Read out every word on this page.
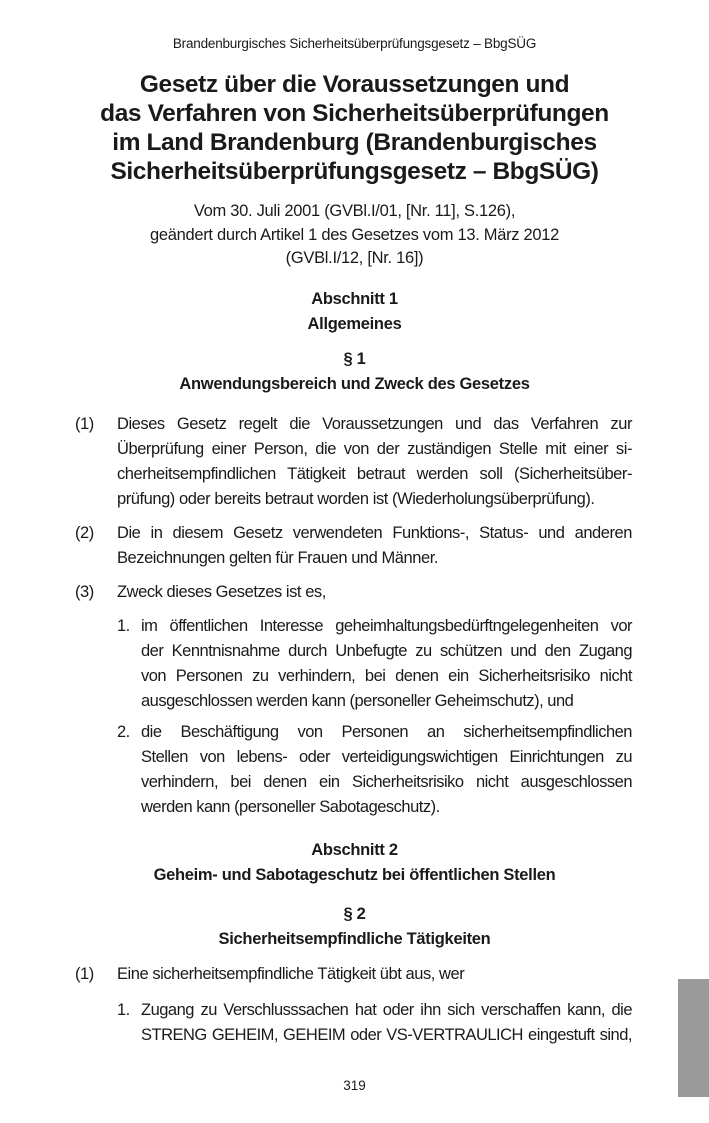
Brandenburgisches Sicherheitsüberprüfungsgesetz – BbgSÜG
Gesetz über die Voraussetzungen und
das Verfahren von Sicherheitsüberprüfungen
im Land Brandenburg (Brandenburgisches
Sicherheitsüberprüfungsgesetz – BbgSÜG)
Vom 30. Juli 2001 (GVBl.I/01, [Nr. 11], S.126),
geändert durch Artikel 1 des Gesetzes vom 13. März 2012
(GVBl.I/12, [Nr. 16])
Abschnitt 1
Allgemeines
§ 1
Anwendungsbereich und Zweck des Gesetzes
(1) Dieses Gesetz regelt die Voraussetzungen und das Verfahren zur
Überprüfung einer Person, die von der zuständigen Stelle mit einer si-
cherheitsempfindlichen Tätigkeit betraut werden soll (Sicherheitsüber-
prüfung) oder bereits betraut worden ist (Wiederholungsüberprüfung).
(2) Die in diesem Gesetz verwendeten Funktions-, Status- und anderen
Bezeichnungen gelten für Frauen und Männer.
(3) Zweck dieses Gesetzes ist es,
1. im öffentlichen Interesse geheimhaltungsbedürftngelegenheiten vor
der Kenntnisnahme durch Unbefugte zu schützen und den Zugang
von Personen zu verhindern, bei denen ein Sicherheitsrisiko nicht
ausgeschlossen werden kann (personeller Geheimschutz), und
2. die Beschäftigung von Personen an sicherheitsempfindlichen
Stellen von lebens- oder verteidigungswichtigen Einrichtungen zu
verhindern, bei denen ein Sicherheitsrisiko nicht ausgeschlossen
werden kann (personeller Sabotageschutz).
Abschnitt 2
Geheim- und Sabotageschutz bei öffentlichen Stellen
§ 2
Sicherheitsempfindliche Tätigkeiten
(1) Eine sicherheitsempfindliche Tätigkeit übt aus, wer
1. Zugang zu Verschlusssachen hat oder ihn sich verschaffen kann, die
STRENG GEHEIM, GEHEIM oder VS-VERTRAULICH eingestuft sind,
319
